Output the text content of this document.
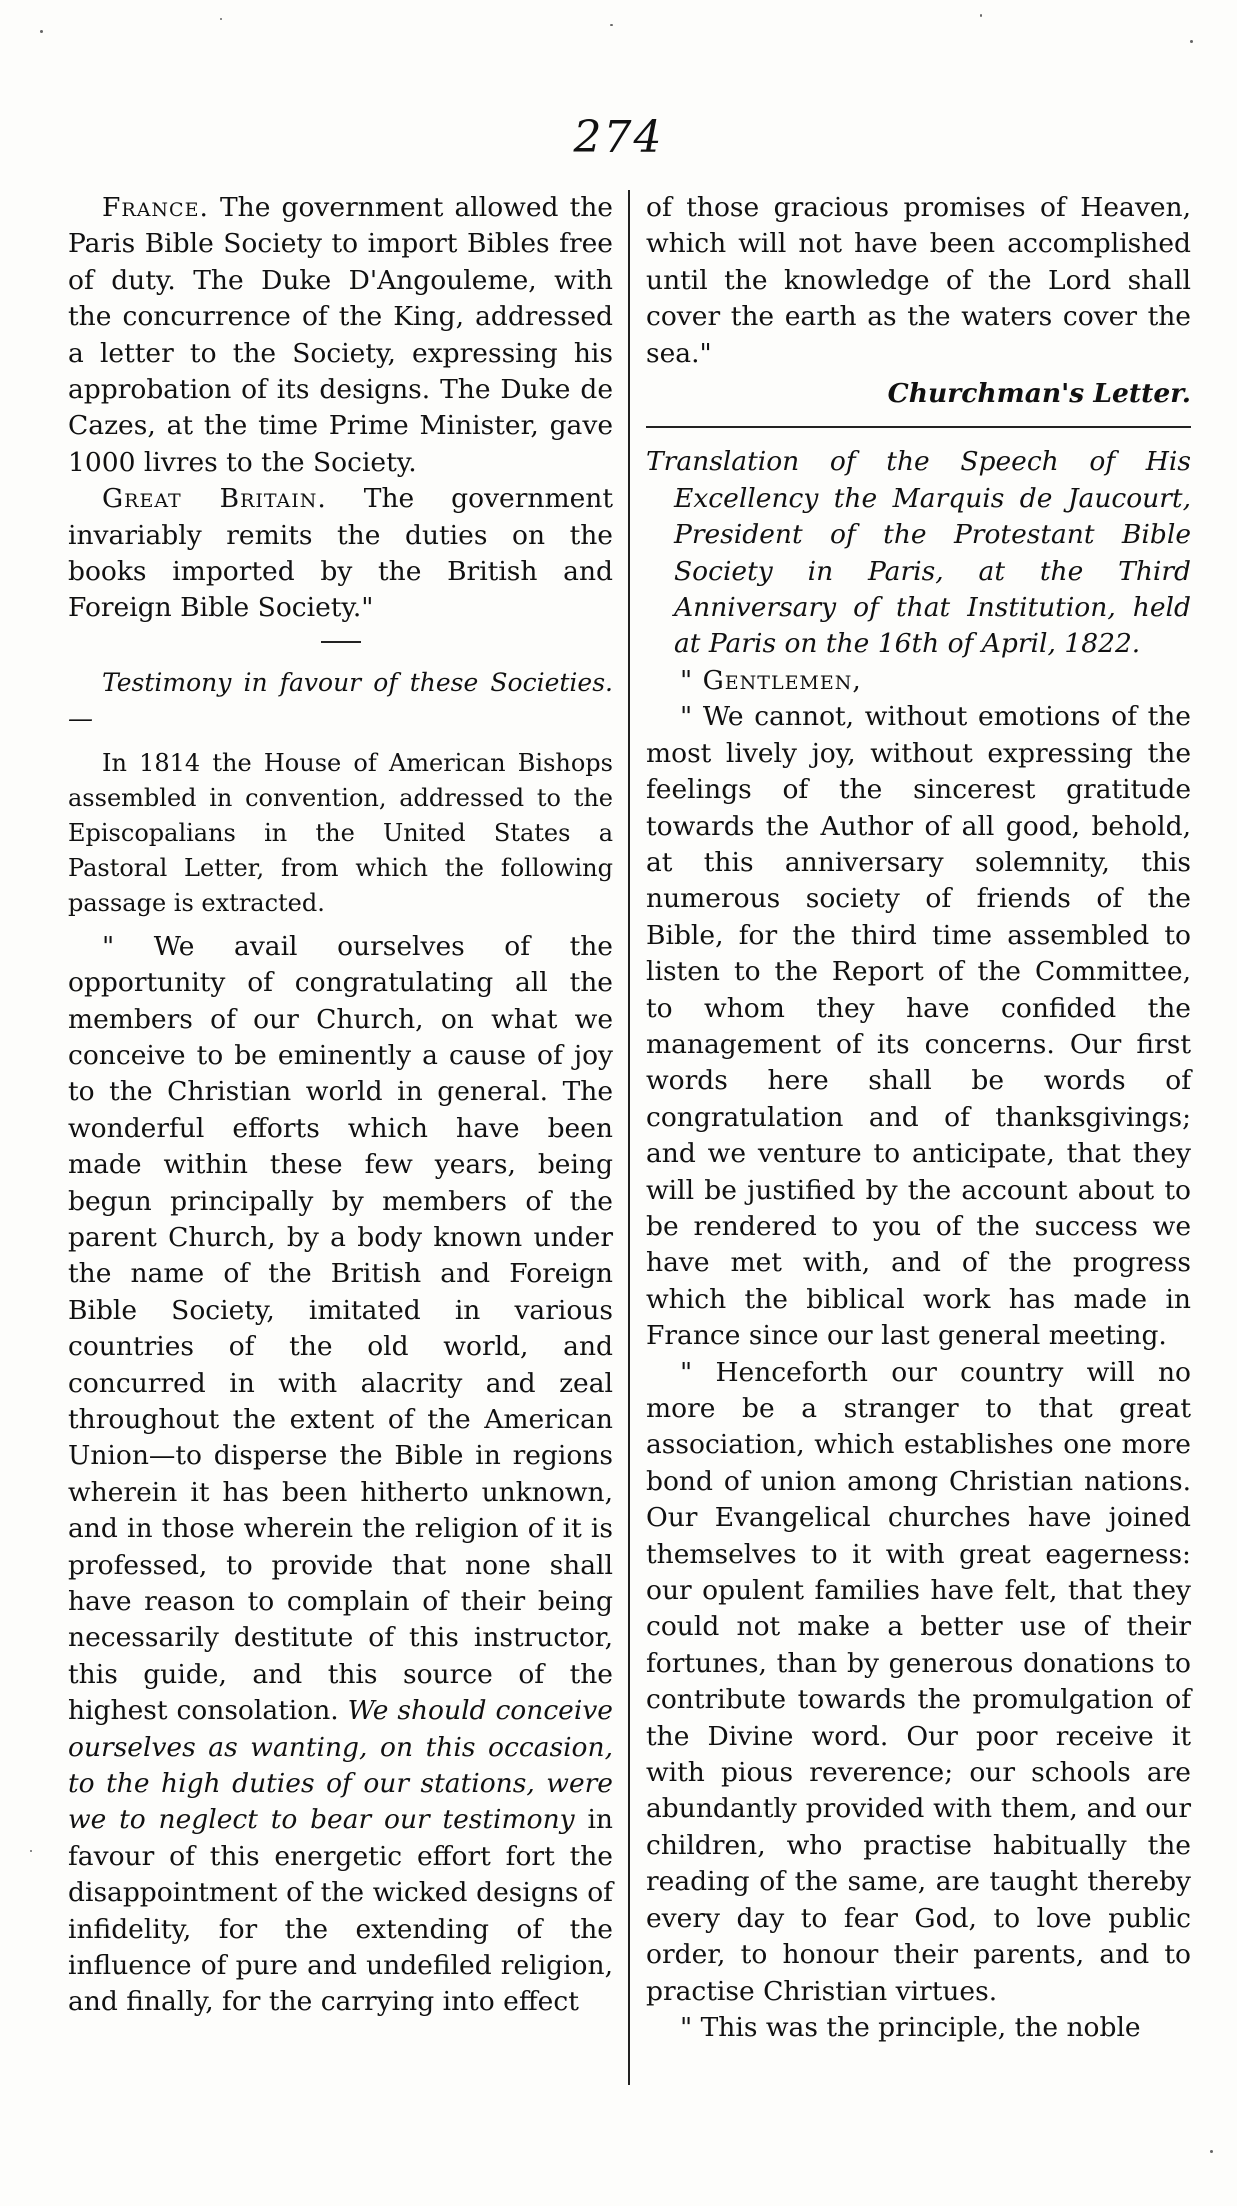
274

France. The government allowed the Paris Bible Society to import Bibles free of duty. The Duke D'Angouleme, with the concurrence of the King, addressed a letter to the Society, expressing his approbation of its designs. The Duke de Cazes, at the time Prime Minister, gave 1000 livres to the Society.

Great Britain. The government invariably remits the duties on the books imported by the British and Foreign Bible Society."

Testimony in favour of these Societies.—

In 1814 the House of American Bishops assembled in convention, addressed to the Episcopalians in the United States a Pastoral Letter, from which the following passage is extracted.

" We avail ourselves of the opportunity of congratulating all the members of our Church, on what we conceive to be eminently a cause of joy to the Christian world in general. The wonderful efforts which have been made within these few years, being begun principally by members of the parent Church, by a body known under the name of the British and Foreign Bible Society, imitated in various countries of the old world, and concurred in with alacrity and zeal throughout the extent of the American Union—to disperse the Bible in regions wherein it has been hitherto unknown, and in those wherein the religion of it is professed, to provide that none shall have reason to complain of their being necessarily destitute of this instructor, this guide, and this source of the highest consolation. We should conceive ourselves as wanting, on this occasion, to the high duties of our stations, were we to neglect to bear our testimony in favour of this energetic effort fort the disappointment of the wicked designs of infidelity, for the extending of the influence of pure and undefiled religion, and finally, for the carrying into effect

of those gracious promises of Heaven, which will not have been accomplished until the knowledge of the Lord shall cover the earth as the waters cover the sea."

Churchman's Letter.

Translation of the Speech of His Excellency the Marquis de Jaucourt, President of the Protestant Bible Society in Paris, at the Third Anniversary of that Institution, held at Paris on the 16th of April, 1822.

" Gentlemen,

" We cannot, without emotions of the most lively joy, without expressing the feelings of the sincerest gratitude towards the Author of all good, behold, at this anniversary solemnity, this numerous society of friends of the Bible, for the third time assembled to listen to the Report of the Committee, to whom they have confided the management of its concerns. Our first words here shall be words of congratulation and of thanksgivings; and we venture to anticipate, that they will be justified by the account about to be rendered to you of the success we have met with, and of the progress which the biblical work has made in France since our last general meeting.

" Henceforth our country will no more be a stranger to that great association, which establishes one more bond of union among Christian nations. Our Evangelical churches have joined themselves to it with great eagerness: our opulent families have felt, that they could not make a better use of their fortunes, than by generous donations to contribute towards the promulgation of the Divine word. Our poor receive it with pious reverence; our schools are abundantly provided with them, and our children, who practise habitually the reading of the same, are taught thereby every day to fear God, to love public order, to honour their parents, and to practise Christian virtues.

" This was the principle, the noble
